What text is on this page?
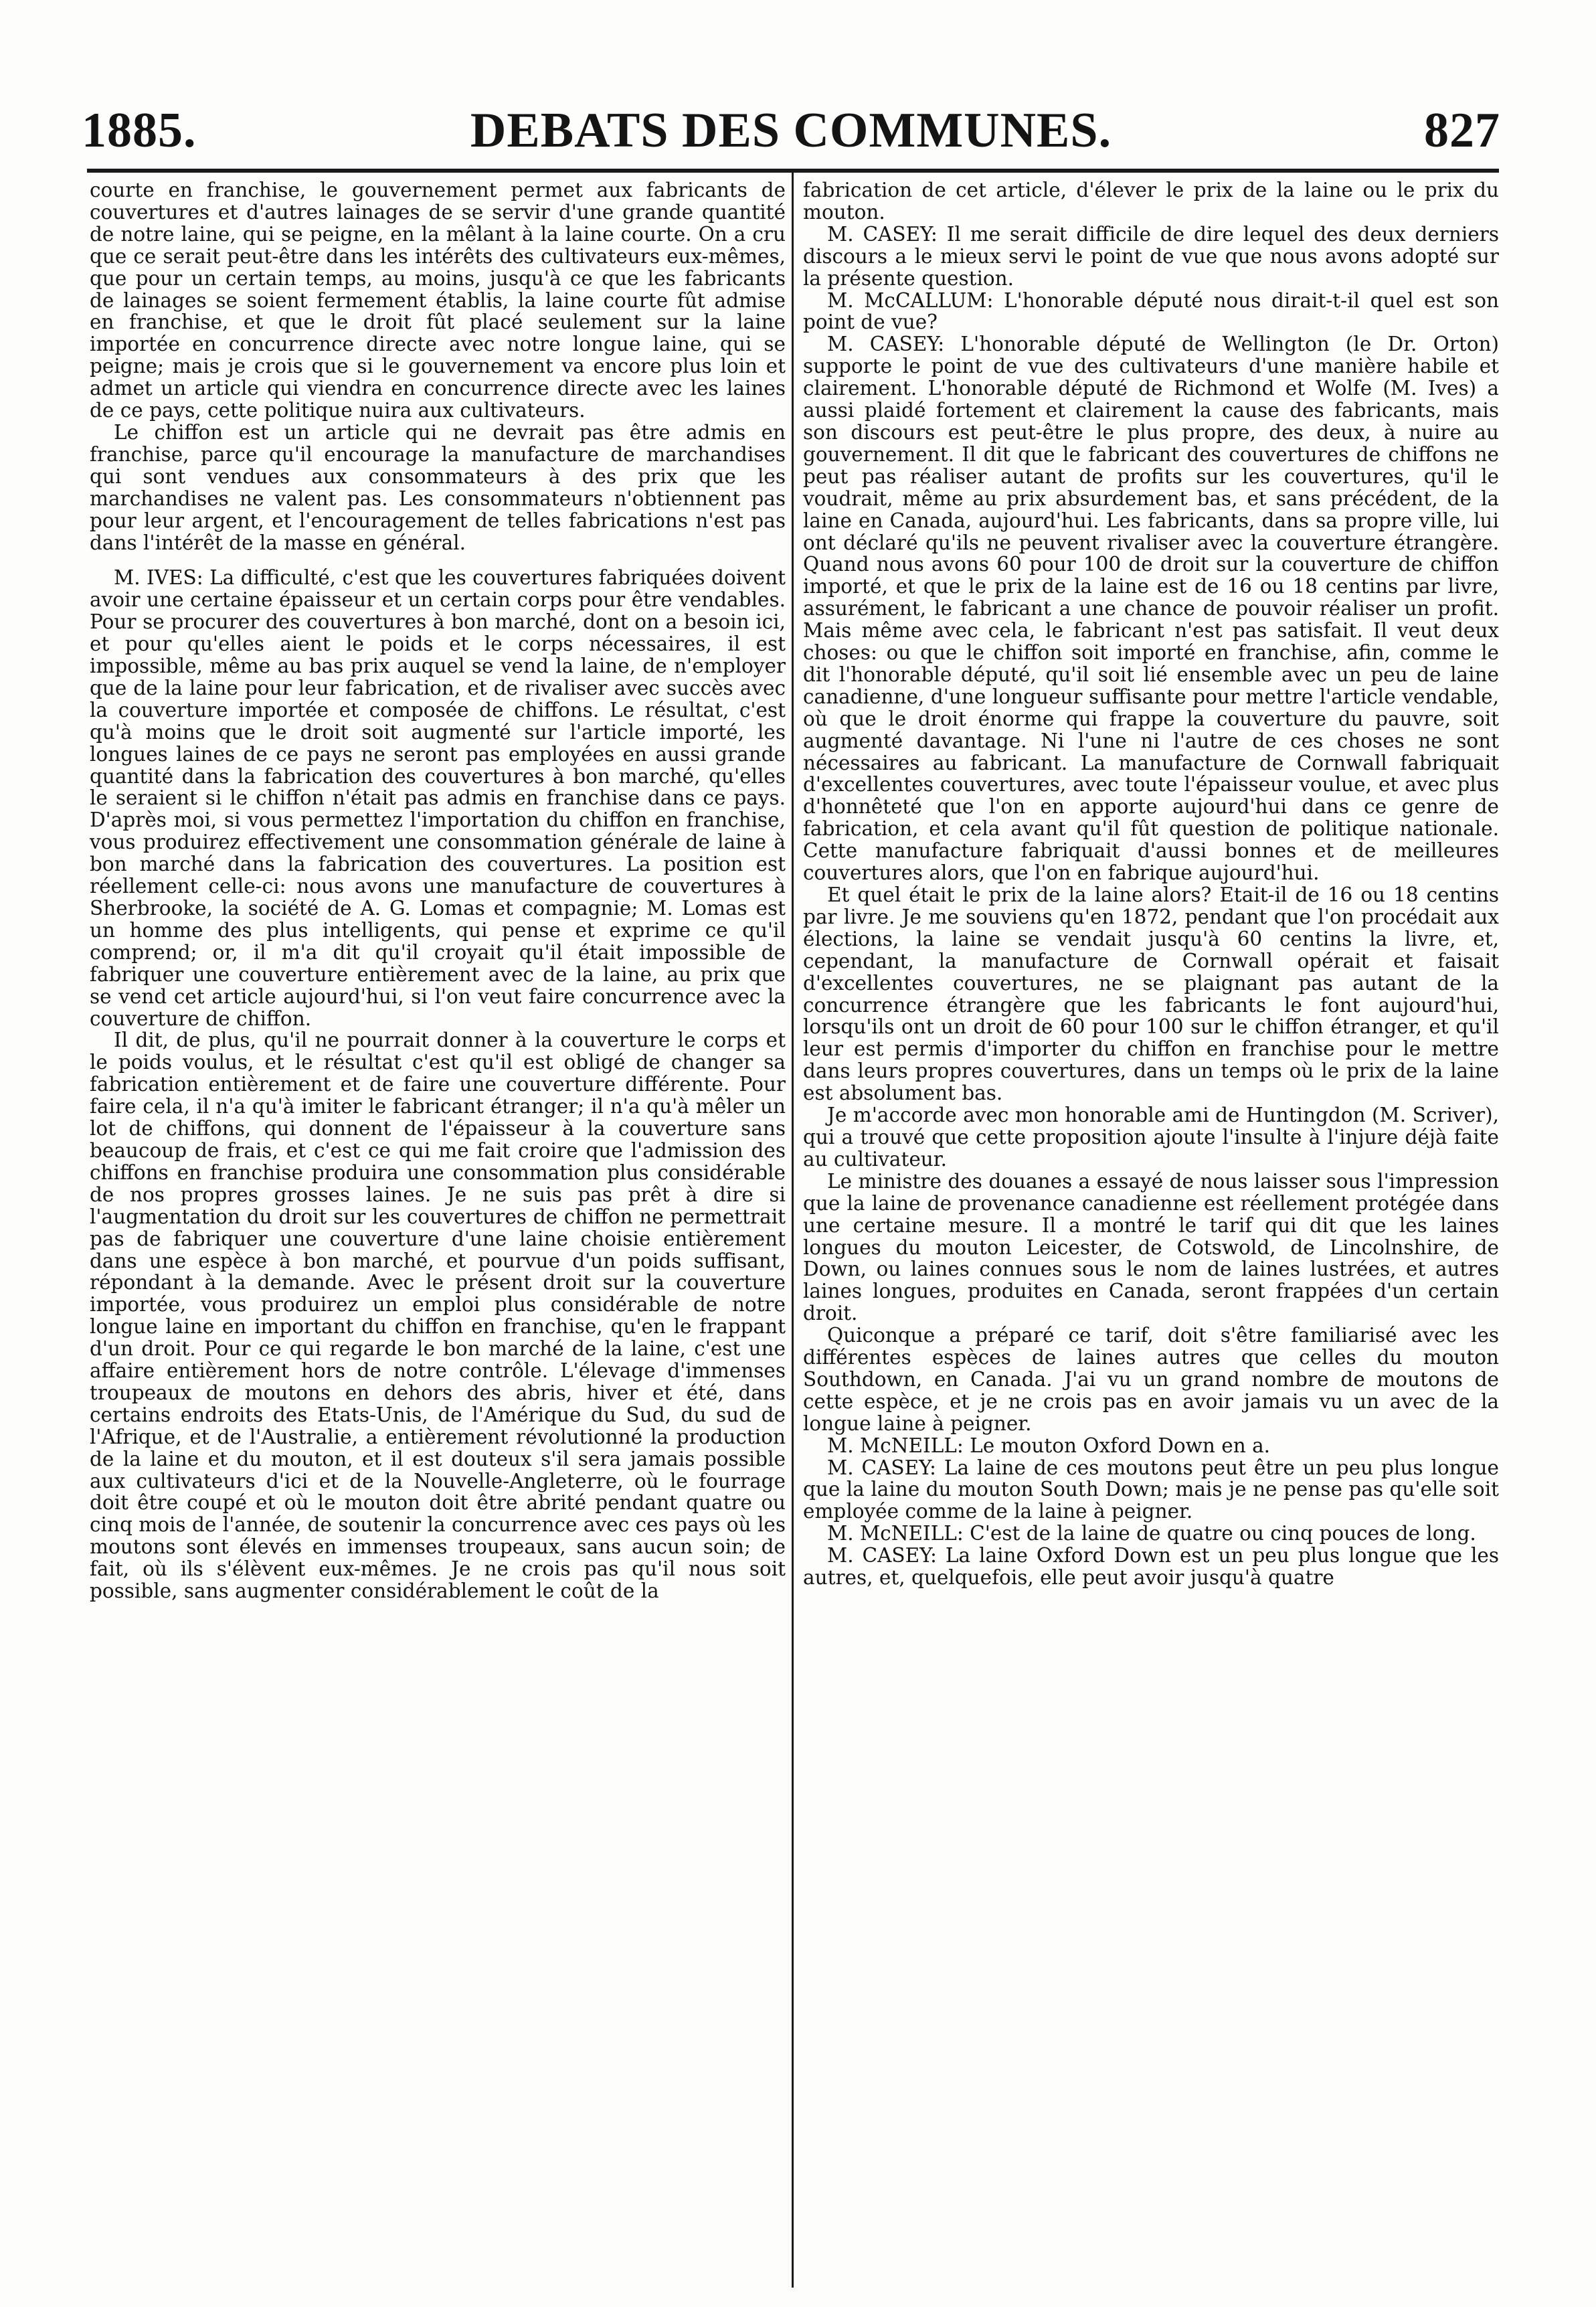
1885.	DEBATS DES COMMUNES.	827

courte en franchise, le gouvernement permet aux fabricants de couvertures et d'autres lainages de se servir d'une grande quantité de notre laine, qui se peigne, en la mêlant à la laine courte. On a cru que ce serait peut-être dans les intérêts des cultivateurs eux-mêmes, que pour un certain temps, au moins, jusqu'à ce que les fabricants de lainages se soient fermement établis, la laine courte fût admise en franchise, et que le droit fût placé seulement sur la laine importée en concurrence directe avec notre longue laine, qui se peigne; mais je crois que si le gouvernement va encore plus loin et admet un article qui viendra en concurrence directe avec les laines de ce pays, cette politique nuira aux cultivateurs.

Le chiffon est un article qui ne devrait pas être admis en franchise, parce qu'il encourage la manufacture de marchandises qui sont vendues aux consommateurs à des prix que les marchandises ne valent pas. Les consommateurs n'obtiennent pas pour leur argent, et l'encouragement de telles fabrications n'est pas dans l'intérêt de la masse en général.

M. IVES: La difficulté, c'est que les couvertures fabriquées doivent avoir une certaine épaisseur et un certain corps pour être vendables. Pour se procurer des couvertures à bon marché, dont on a besoin ici, et pour qu'elles aient le poids et le corps nécessaires, il est impossible, même au bas prix auquel se vend la laine, de n'employer que de la laine pour leur fabrication, et de rivaliser avec succès avec la couverture importée et composée de chiffons. Le résultat, c'est qu'à moins que le droit soit augmenté sur l'article importé, les longues laines de ce pays ne seront pas employées en aussi grande quantité dans la fabrication des couvertures à bon marché, qu'elles le seraient si le chiffon n'était pas admis en franchise dans ce pays. D'après moi, si vous permettez l'importation du chiffon en franchise, vous produirez effectivement une consommation générale de laine à bon marché dans la fabrication des couvertures. La position est réellement celle-ci: nous avons une manufacture de couvertures à Sherbrooke, la société de A. G. Lomas et compagnie; M. Lomas est un homme des plus intelligents, qui pense et exprime ce qu'il comprend; or, il m'a dit qu'il croyait qu'il était impossible de fabriquer une couverture entièrement avec de la laine, au prix que se vend cet article aujourd'hui, si l'on veut faire concurrence avec la couverture de chiffon.

Il dit, de plus, qu'il ne pourrait donner à la couverture le corps et le poids voulus, et le résultat c'est qu'il est obligé de changer sa fabrication entièrement et de faire une couverture différente. Pour faire cela, il n'a qu'à imiter le fabricant étranger; il n'a qu'à mêler un lot de chiffons, qui donnent de l'épaisseur à la couverture sans beaucoup de frais, et c'est ce qui me fait croire que l'admission des chiffons en franchise produira une consommation plus considérable de nos propres grosses laines. Je ne suis pas prêt à dire si l'augmentation du droit sur les couvertures de chiffon ne permettrait pas de fabriquer une couverture d'une laine choisie entièrement dans une espèce à bon marché, et pourvue d'un poids suffisant, répondant à la demande. Avec le présent droit sur la couverture importée, vous produirez un emploi plus considérable de notre longue laine en important du chiffon en franchise, qu'en le frappant d'un droit. Pour ce qui regarde le bon marché de la laine, c'est une affaire entièrement hors de notre contrôle. L'élevage d'immenses troupeaux de moutons en dehors des abris, hiver et été, dans certains endroits des Etats-Unis, de l'Amérique du Sud, du sud de l'Afrique, et de l'Australie, a entièrement révolutionné la production de la laine et du mouton, et il est douteux s'il sera jamais possible aux cultivateurs d'ici et de la Nouvelle-Angleterre, où le fourrage doit être coupé et où le mouton doit être abrité pendant quatre ou cinq mois de l'année, de soutenir la concurrence avec ces pays où les moutons sont élevés en immenses troupeaux, sans aucun soin; de fait, où ils s'élèvent eux-mêmes. Je ne crois pas qu'il nous soit possible, sans augmenter considérablement le coût de la

fabrication de cet article, d'élever le prix de la laine ou le prix du mouton.

M. CASEY: Il me serait difficile de dire lequel des deux derniers discours a le mieux servi le point de vue que nous avons adopté sur la présente question.

M. McCALLUM: L'honorable député nous dirait-t-il quel est son point de vue?

M. CASEY: L'honorable député de Wellington (le Dr. Orton) supporte le point de vue des cultivateurs d'une manière habile et clairement. L'honorable député de Richmond et Wolfe (M. Ives) a aussi plaidé fortement et clairement la cause des fabricants, mais son discours est peut-être le plus propre, des deux, à nuire au gouvernement. Il dit que le fabricant des couvertures de chiffons ne peut pas réaliser autant de profits sur les couvertures, qu'il le voudrait, même au prix absurdement bas, et sans précédent, de la laine en Canada, aujourd'hui. Les fabricants, dans sa propre ville, lui ont déclaré qu'ils ne peuvent rivaliser avec la couverture étrangère. Quand nous avons 60 pour 100 de droit sur la couverture de chiffon importé, et que le prix de la laine est de 16 ou 18 centins par livre, assurément, le fabricant a une chance de pouvoir réaliser un profit. Mais même avec cela, le fabricant n'est pas satisfait. Il veut deux choses: ou que le chiffon soit importé en franchise, afin, comme le dit l'honorable député, qu'il soit lié ensemble avec un peu de laine canadienne, d'une longueur suffisante pour mettre l'article vendable, où que le droit énorme qui frappe la couverture du pauvre, soit augmenté davantage. Ni l'une ni l'autre de ces choses ne sont nécessaires au fabricant. La manufacture de Cornwall fabriquait d'excellentes couvertures, avec toute l'épaisseur voulue, et avec plus d'honnêteté que l'on en apporte aujourd'hui dans ce genre de fabrication, et cela avant qu'il fût question de politique nationale. Cette manufacture fabriquait d'aussi bonnes et de meilleures couvertures alors, que l'on en fabrique aujourd'hui.

Et quel était le prix de la laine alors? Etait-il de 16 ou 18 centins par livre. Je me souviens qu'en 1872, pendant que l'on procédait aux élections, la laine se vendait jusqu'à 60 centins la livre, et, cependant, la manufacture de Cornwall opérait et faisait d'excellentes couvertures, ne se plaignant pas autant de la concurrence étrangère que les fabricants le font aujourd'hui, lorsqu'ils ont un droit de 60 pour 100 sur le chiffon étranger, et qu'il leur est permis d'importer du chiffon en franchise pour le mettre dans leurs propres couvertures, dans un temps où le prix de la laine est absolument bas.

Je m'accorde avec mon honorable ami de Huntingdon (M. Scriver), qui a trouvé que cette proposition ajoute l'insulte à l'injure déjà faite au cultivateur.

Le ministre des douanes a essayé de nous laisser sous l'impression que la laine de provenance canadienne est réellement protégée dans une certaine mesure. Il a montré le tarif qui dit que les laines longues du mouton Leicester, de Cotswold, de Lincolnshire, de Down, ou laines connues sous le nom de laines lustrées, et autres laines longues, produites en Canada, seront frappées d'un certain droit.

Quiconque a préparé ce tarif, doit s'être familiarisé avec les différentes espèces de laines autres que celles du mouton Southdown, en Canada. J'ai vu un grand nombre de moutons de cette espèce, et je ne crois pas en avoir jamais vu un avec de la longue laine à peigner.

M. McNEILL: Le mouton Oxford Down en a.

M. CASEY: La laine de ces moutons peut être un peu plus longue que la laine du mouton South Down; mais je ne pense pas qu'elle soit employée comme de la laine à peigner.

M. McNEILL: C'est de la laine de quatre ou cinq pouces de long.

M. CASEY: La laine Oxford Down est un peu plus longue que les autres, et, quelquefois, elle peut avoir jusqu'à quatre
